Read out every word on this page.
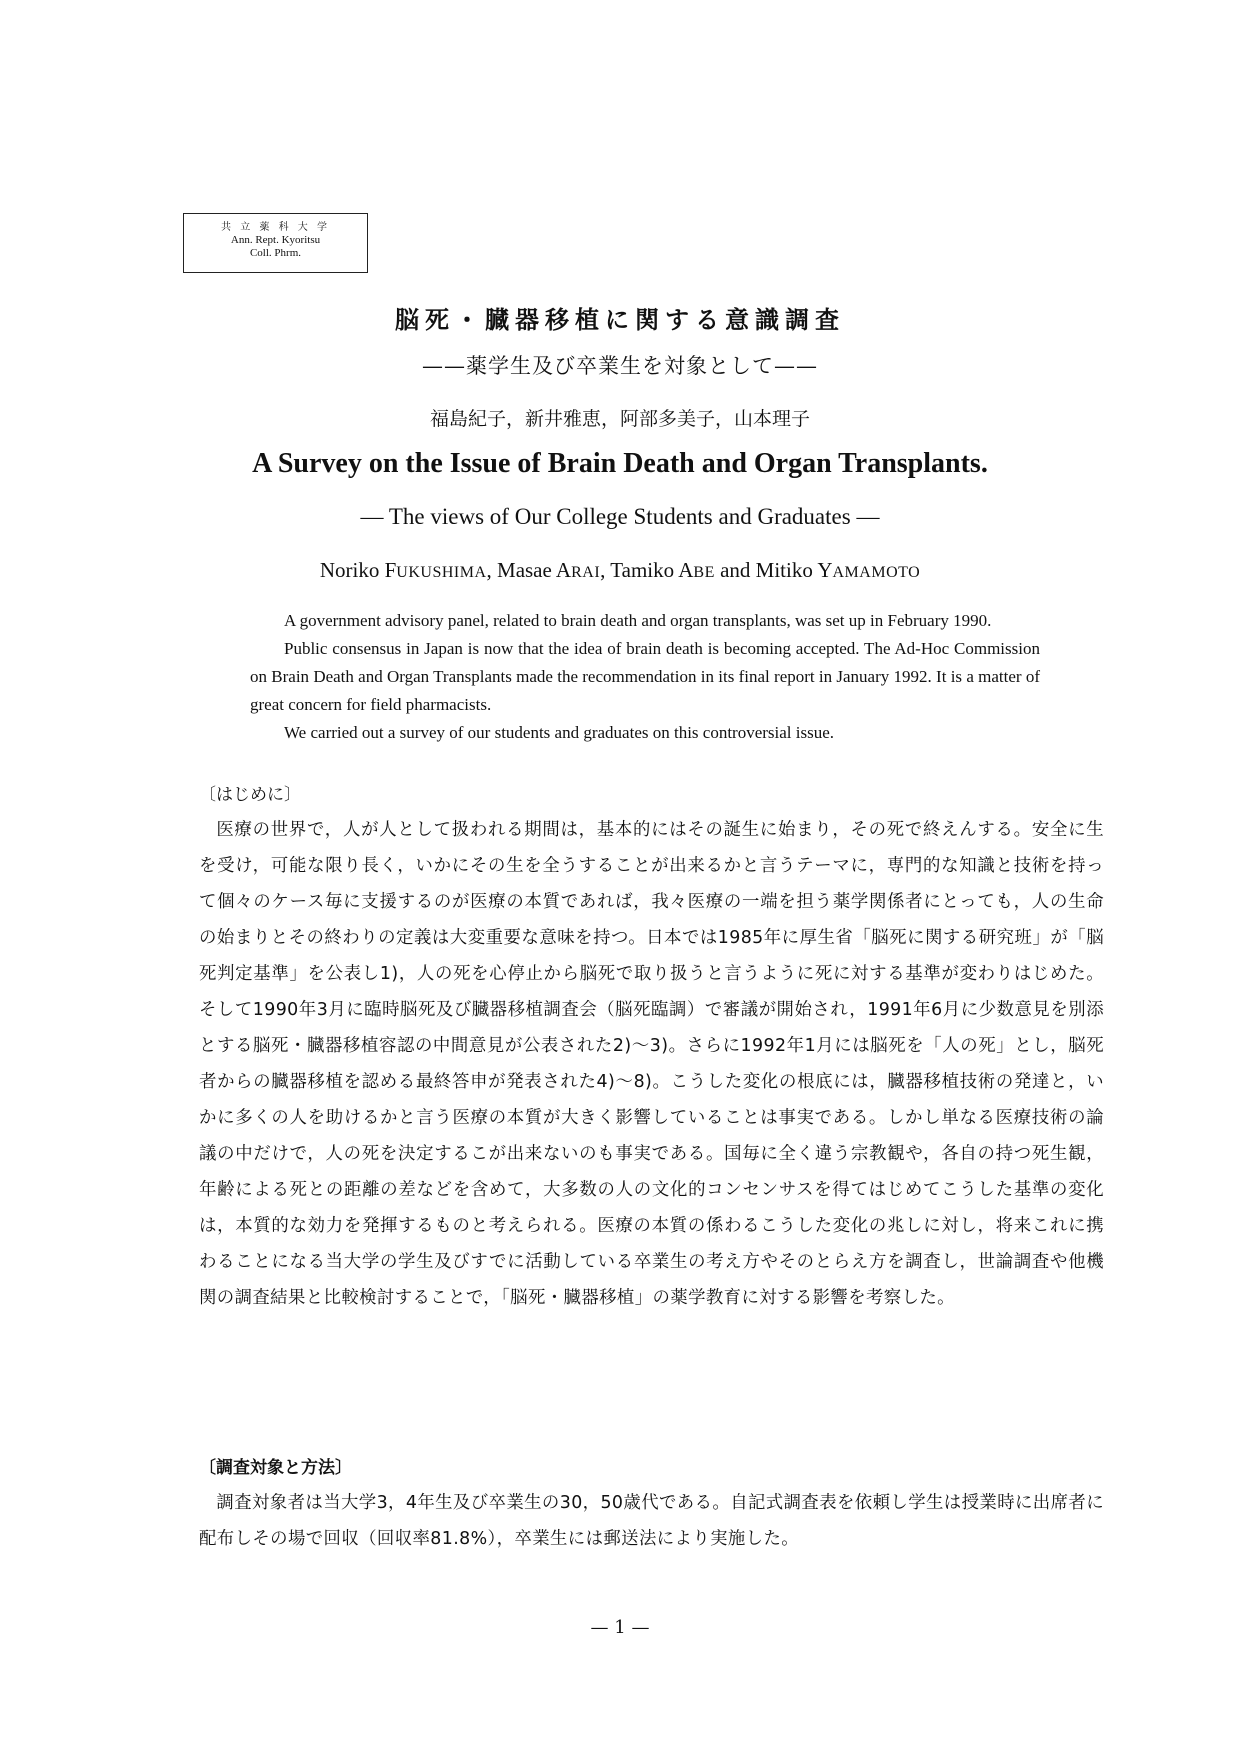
共 立 薬 科 大 学
Ann. Rept. Kyoritsu
Coll. Phrm.
脳死・臓器移植に関する意識調査
——薬学生及び卒業生を対象として——
福島紀子，新井雅恵，阿部多美子，山本理子
A Survey on the Issue of Brain Death and Organ Transplants.
— The views of Our College Students and Graduates —
Noriko FUKUSHIMA, Masae ARAI, Tamiko ABE and Mitiko YAMAMOTO

A government advisory panel, related to brain death and organ transplants, was set up in February 1990.

Public consensus in Japan is now that the idea of brain death is becoming accepted. The Ad-Hoc Commission on Brain Death and Organ Transplants made the recommendation in its final report in January 1992. It is a matter of great concern for field pharmacists.

We carried out a survey of our students and graduates on this controversial issue.

〔はじめに〕

医療の世界で，人が人として扱われる期間は，基本的にはその誕生に始まり，その死で終えんする。安全に生を受け，可能な限り長く，いかにその生を全うすることが出来るかと言うテーマに，専門的な知識と技術を持って個々のケース毎に支援するのが医療の本質であれば，我々医療の一端を担う薬学関係者にとっても，人の生命の始まりとその終わりの定義は大変重要な意味を持つ。日本では1985年に厚生省「脳死に関する研究班」が「脳死判定基準」を公表し1)，人の死を心停止から脳死で取り扱うと言うように死に対する基準が変わりはじめた。そして1990年3月に臨時脳死及び臓器移植調査会（脳死臨調）で審議が開始され，1991年6月に少数意見を別添とする脳死・臓器移植容認の中間意見が公表された2)〜3)。さらに1992年1月には脳死を「人の死」とし，脳死者からの臓器移植を認める最終答申が発表された4)〜8)。こうした変化の根底には，臓器移植技術の発達と，いかに多くの人を助けるかと言う医療の本質が大きく影響していることは事実である。しかし単なる医療技術の論議の中だけで，人の死を決定するこが出来ないのも事実である。国毎に全く違う宗教観や，各自の持つ死生観，年齢による死との距離の差などを含めて，大多数の人の文化的コンセンサスを得てはじめてこうした基準の変化は，本質的な効力を発揮するものと考えられる。医療の本質の係わるこうした変化の兆しに対し，将来これに携わることになる当大学の学生及びすでに活動している卒業生の考え方やそのとらえ方を調査し，世論調査や他機関の調査結果と比較検討することで，「脳死・臓器移植」の薬学教育に対する影響を考察した。

〔調査対象と方法〕

調査対象者は当大学3，4年生及び卒業生の30，50歳代である。自記式調査表を依頼し学生は授業時に出席者に配布しその場で回収（回収率81.8%），卒業生には郵送法により実施した。

— 1 —
